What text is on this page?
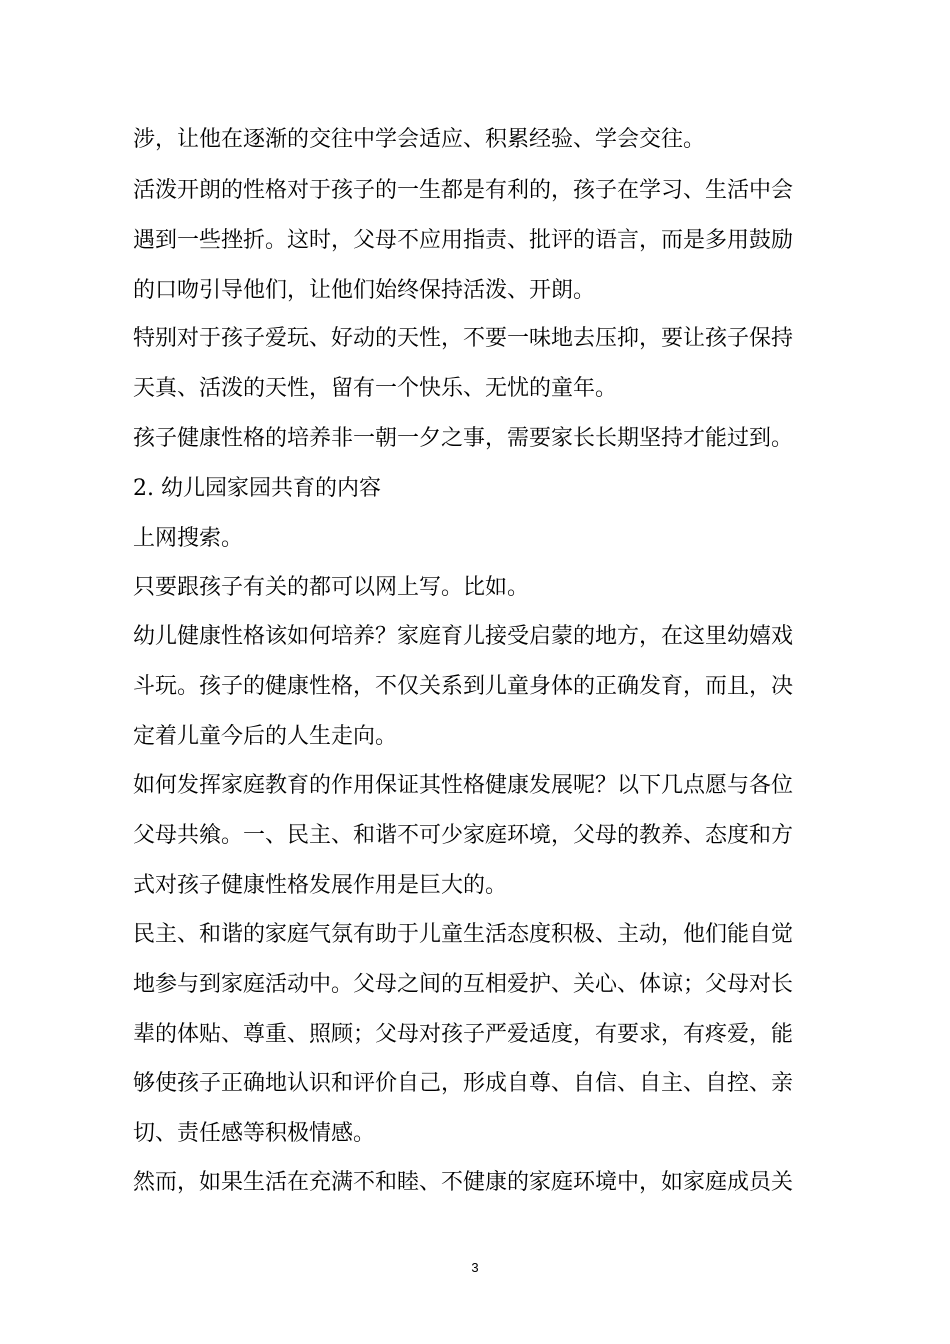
涉，让他在逐渐的交往中学会适应、积累经验、学会交往。
活泼开朗的性格对于孩子的一生都是有利的，孩子在学习、生活中会
遇到一些挫折。这时，父母不应用指责、批评的语言，而是多用鼓励
的口吻引导他们，让他们始终保持活泼、开朗。
特别对于孩子爱玩、好动的天性，不要一味地去压抑，要让孩子保持
天真、活泼的天性，留有一个快乐、无忧的童年。
孩子健康性格的培养非一朝一夕之事，需要家长长期坚持才能过到。
2. 幼儿园家园共育的内容
上网搜索。
只要跟孩子有关的都可以网上写。比如。
幼儿健康性格该如何培养？家庭育儿接受启蒙的地方，在这里幼嬉戏
斗玩。孩子的健康性格，不仅关系到儿童身体的正确发育，而且，决
定着儿童今后的人生走向。
如何发挥家庭教育的作用保证其性格健康发展呢？以下几点愿与各位
父母共飨。一、民主、和谐不可少家庭环境，父母的教养、态度和方
式对孩子健康性格发展作用是巨大的。
民主、和谐的家庭气氛有助于儿童生活态度积极、主动，他们能自觉
地参与到家庭活动中。父母之间的互相爱护、关心、体谅；父母对长
辈的体贴、尊重、照顾；父母对孩子严爱适度，有要求，有疼爱，能
够使孩子正确地认识和评价自己，形成自尊、自信、自主、自控、亲
切、责任感等积极情感。
然而，如果生活在充满不和睦、不健康的家庭环境中，如家庭成员关
3
